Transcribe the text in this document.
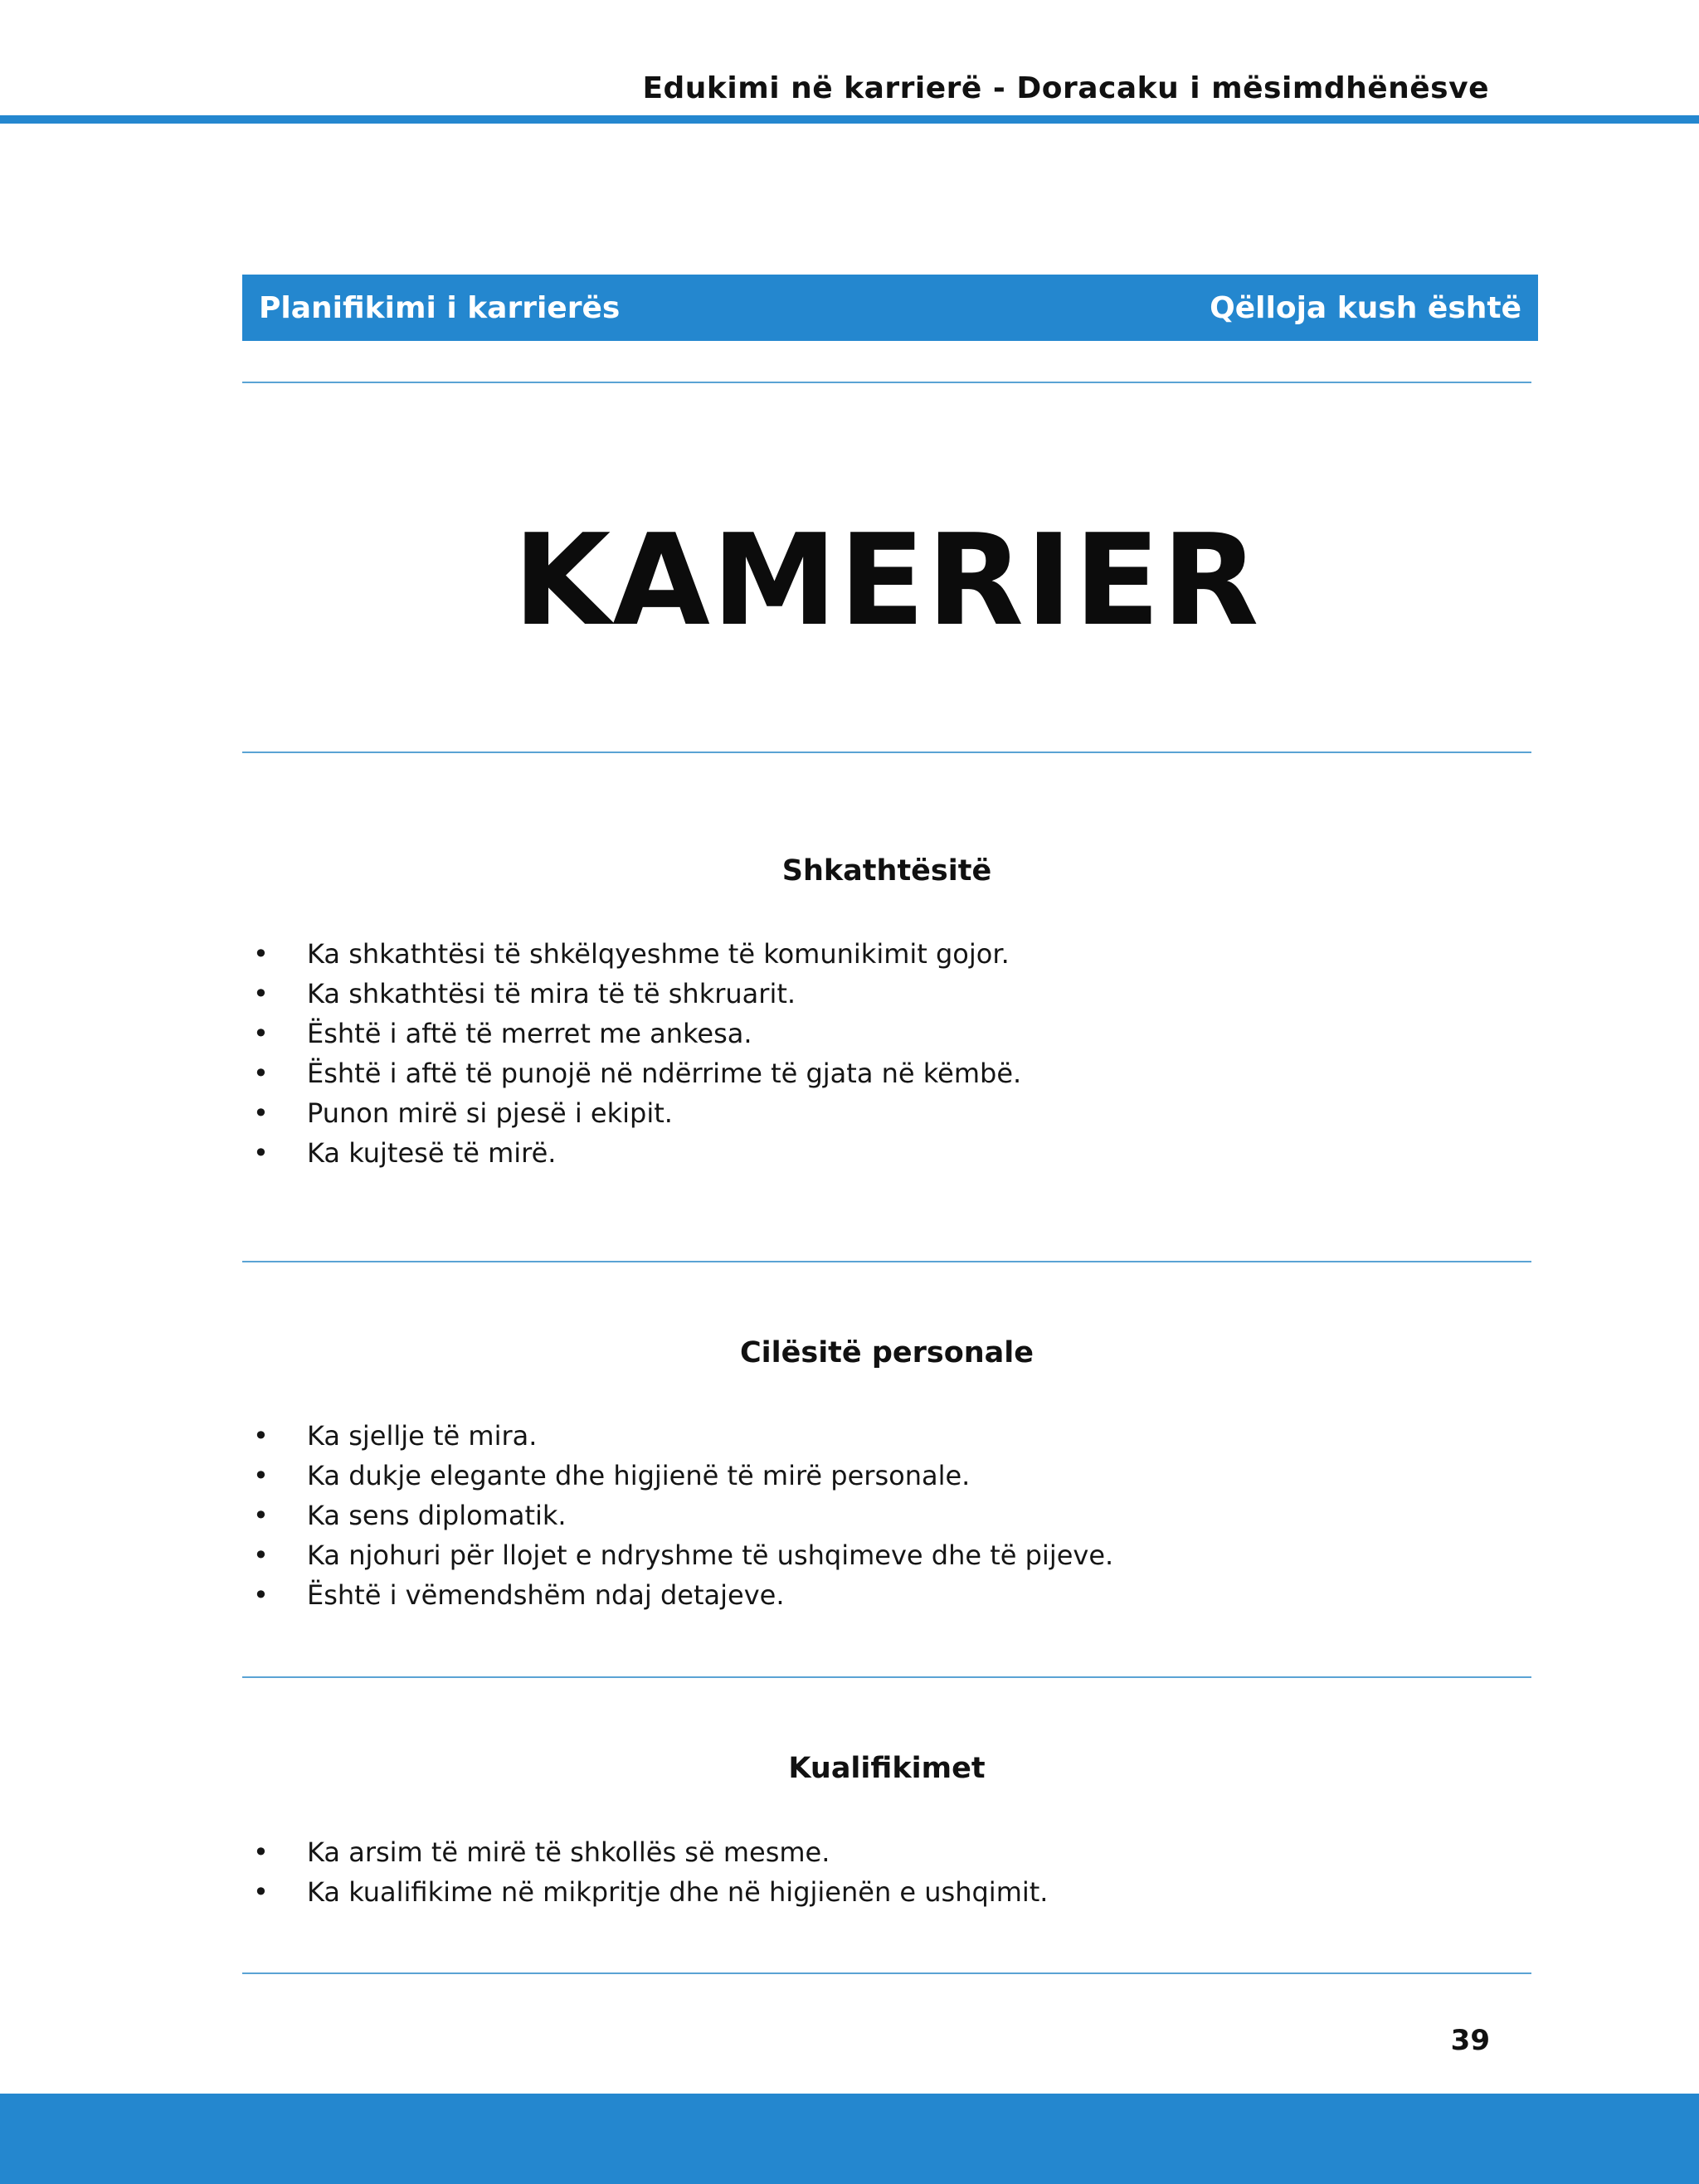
Edukimi në karrierë - Doracaku i mësimdhënësve
Planifikimi i karrierës	Qëlloja kush është
KAMERIER
Shkathtësitë
• Ka shkathtësi të shkëlqyeshme të komunikimit gojor.
• Ka shkathtësi të mira të të shkruarit.
• Është i aftë të merret me ankesa.
• Është i aftë të punojë në ndërrime të gjata në këmbë.
• Punon mirë si pjesë i ekipit.
• Ka kujtesë të mirë.
Cilësitë personale
• Ka sjellje të mira.
• Ka dukje elegante dhe higjienë të mirë personale.
• Ka sens diplomatik.
• Ka njohuri për llojet e ndryshme të ushqimeve dhe të pijeve.
• Është i vëmendshëm ndaj detajeve.
Kualifikimet
• Ka arsim të mirë të shkollës së mesme.
• Ka kualifikime në mikpritje dhe në higjienën e ushqimit.
39
